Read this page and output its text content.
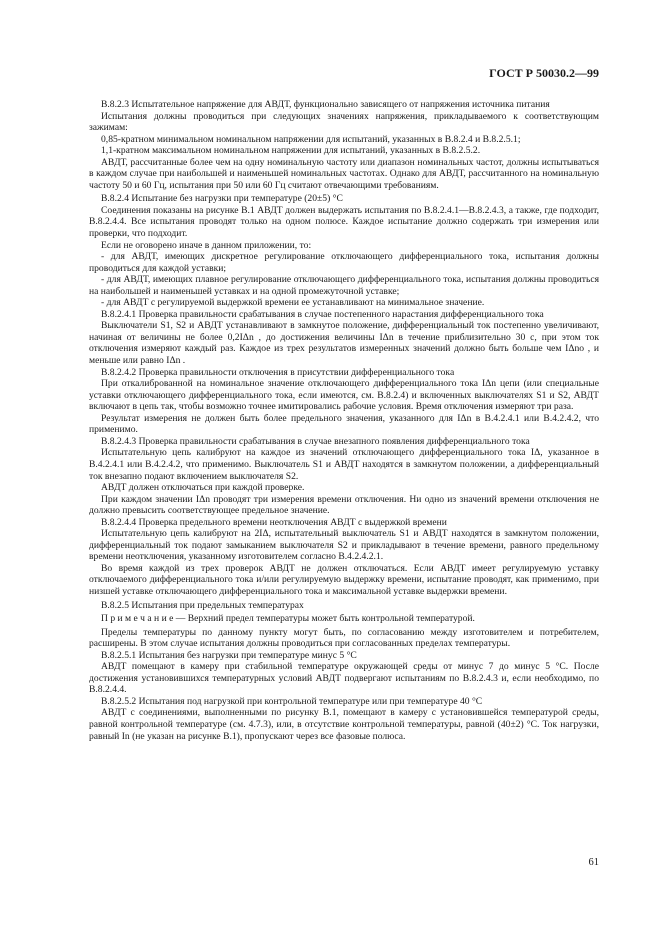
ГОСТ Р 50030.2—99

B.8.2.3 Испытательное напряжение для АВДТ, функционально зависящего от напряжения источника питания

Испытания должны проводиться при следующих значениях напряжения, прикладываемого к соответствующим зажимам:

0,85-кратном минимальном номинальном напряжении для испытаний, указанных в B.8.2.4 и B.8.2.5.1;

1,1-кратном максимальном номинальном напряжении для испытаний, указанных в B.8.2.5.2.

АВДТ, рассчитанные более чем на одну номинальную частоту или диапазон номинальных частот, должны испытываться в каждом случае при наибольшей и наименьшей номинальных частотах. Однако для АВДТ, рассчитанного на номинальную частоту 50 и 60 Гц, испытания при 50 или 60 Гц считают отвечающими требованиям.

B.8.2.4 Испытание без нагрузки при температуре (20±5) °С

Соединения показаны на рисунке B.1 АВДТ должен выдержать испытания по B.8.2.4.1—B.8.2.4.3, а также, где подходит, B.8.2.4.4. Все испытания проводят только на одном полюсе. Каждое испытание должно содержать три измерения или проверки, что подходит.

Если не оговорено иначе в данном приложении, то:

- для АВДТ, имеющих дискретное регулирование отключающего дифференциального тока, испытания должны проводиться для каждой уставки;

- для АВДТ, имеющих плавное регулирование отключающего дифференциального тока, испытания должны проводиться на наибольшей и наименьшей уставках и на одной промежуточной уставке;

- для АВДТ с регулируемой выдержкой времени ее устанавливают на минимальное значение.

B.8.2.4.1 Проверка правильности срабатывания в случае постепенного нарастания дифференциального тока

Выключатели S1, S2 и АВДТ устанавливают в замкнутое положение, дифференциальный ток постепенно увеличивают, начиная от величины не более 0,2IΔn , до достижения величины IΔn в течение приблизительно 30 с, при этом ток отключения измеряют каждый раз. Каждое из трех результатов измеренных значений должно быть больше чем IΔno , и меньше или равно IΔn .

B.8.2.4.2 Проверка правильности отключения в присутствии дифференциального тока

При откалиброванной на номинальное значение отключающего дифференциального тока IΔn цепи (или специальные уставки отключающего дифференциального тока, если имеются, см. B.8.2.4) и включенных выключателях S1 и S2, АВДТ включают в цепь так, чтобы возможно точнее имитировались рабочие условия. Время отключения измеряют три раза.

Результат измерения не должен быть более предельного значения, указанного для IΔn в B.4.2.4.1 или B.4.2.4.2, что применимо.

B.8.2.4.3 Проверка правильности срабатывания в случае внезапного появления дифференциального тока

Испытательную цепь калибруют на каждое из значений отключающего дифференциального тока IΔ, указанное в B.4.2.4.1 или B.4.2.4.2, что применимо. Выключатель S1 и АВДТ находятся в замкнутом положении, а дифференциальный ток внезапно подают включением выключателя S2.

АВДТ должен отключаться при каждой проверке.

При каждом значении IΔn проводят три измерения времени отключения. Ни одно из значений времени отключения не должно превысить соответствующее предельное значение.

B.8.2.4.4 Проверка предельного времени неотключения АВДТ с выдержкой времени

Испытательную цепь калибруют на 2IΔ, испытательный выключатель S1 и АВДТ находятся в замкнутом положении, дифференциальный ток подают замыканием выключателя S2 и прикладывают в течение времени, равного предельному времени неотключения, указанному изготовителем согласно B.4.2.4.2.1.

Во время каждой из трех проверок АВДТ не должен отключаться. Если АВДТ имеет регулируемую уставку отключаемого дифференциального тока и/или регулируемую выдержку времени, испытание проводят, как применимо, при низшей уставке отключающего дифференциального тока и максимальной уставке выдержки времени.

B.8.2.5 Испытания при предельных температурах

П р и м е ч а н и е — Верхний предел температуры может быть контрольной температурой.

Пределы температуры по данному пункту могут быть, по согласованию между изготовителем и потребителем, расширены. В этом случае испытания должны проводиться при согласованных пределах температуры.

B.8.2.5.1 Испытания без нагрузки при температуре минус 5 °С

АВДТ помещают в камеру при стабильной температуре окружающей среды от минус 7 до минус 5 °С. После достижения установившихся температурных условий АВДТ подвергают испытаниям по B.8.2.4.3 и, если необходимо, по B.8.2.4.4.

B.8.2.5.2 Испытания под нагрузкой при контрольной температуре или при температуре 40 °С

АВДТ с соединениями, выполненными по рисунку B.1, помещают в камеру с установившейся температурой среды, равной контрольной температуре (см. 4.7.3), или, в отсутствие контрольной температуры, равной (40±2) °С. Ток нагрузки, равный In (не указан на рисунке B.1), пропускают через все фазовые полюса.

61
